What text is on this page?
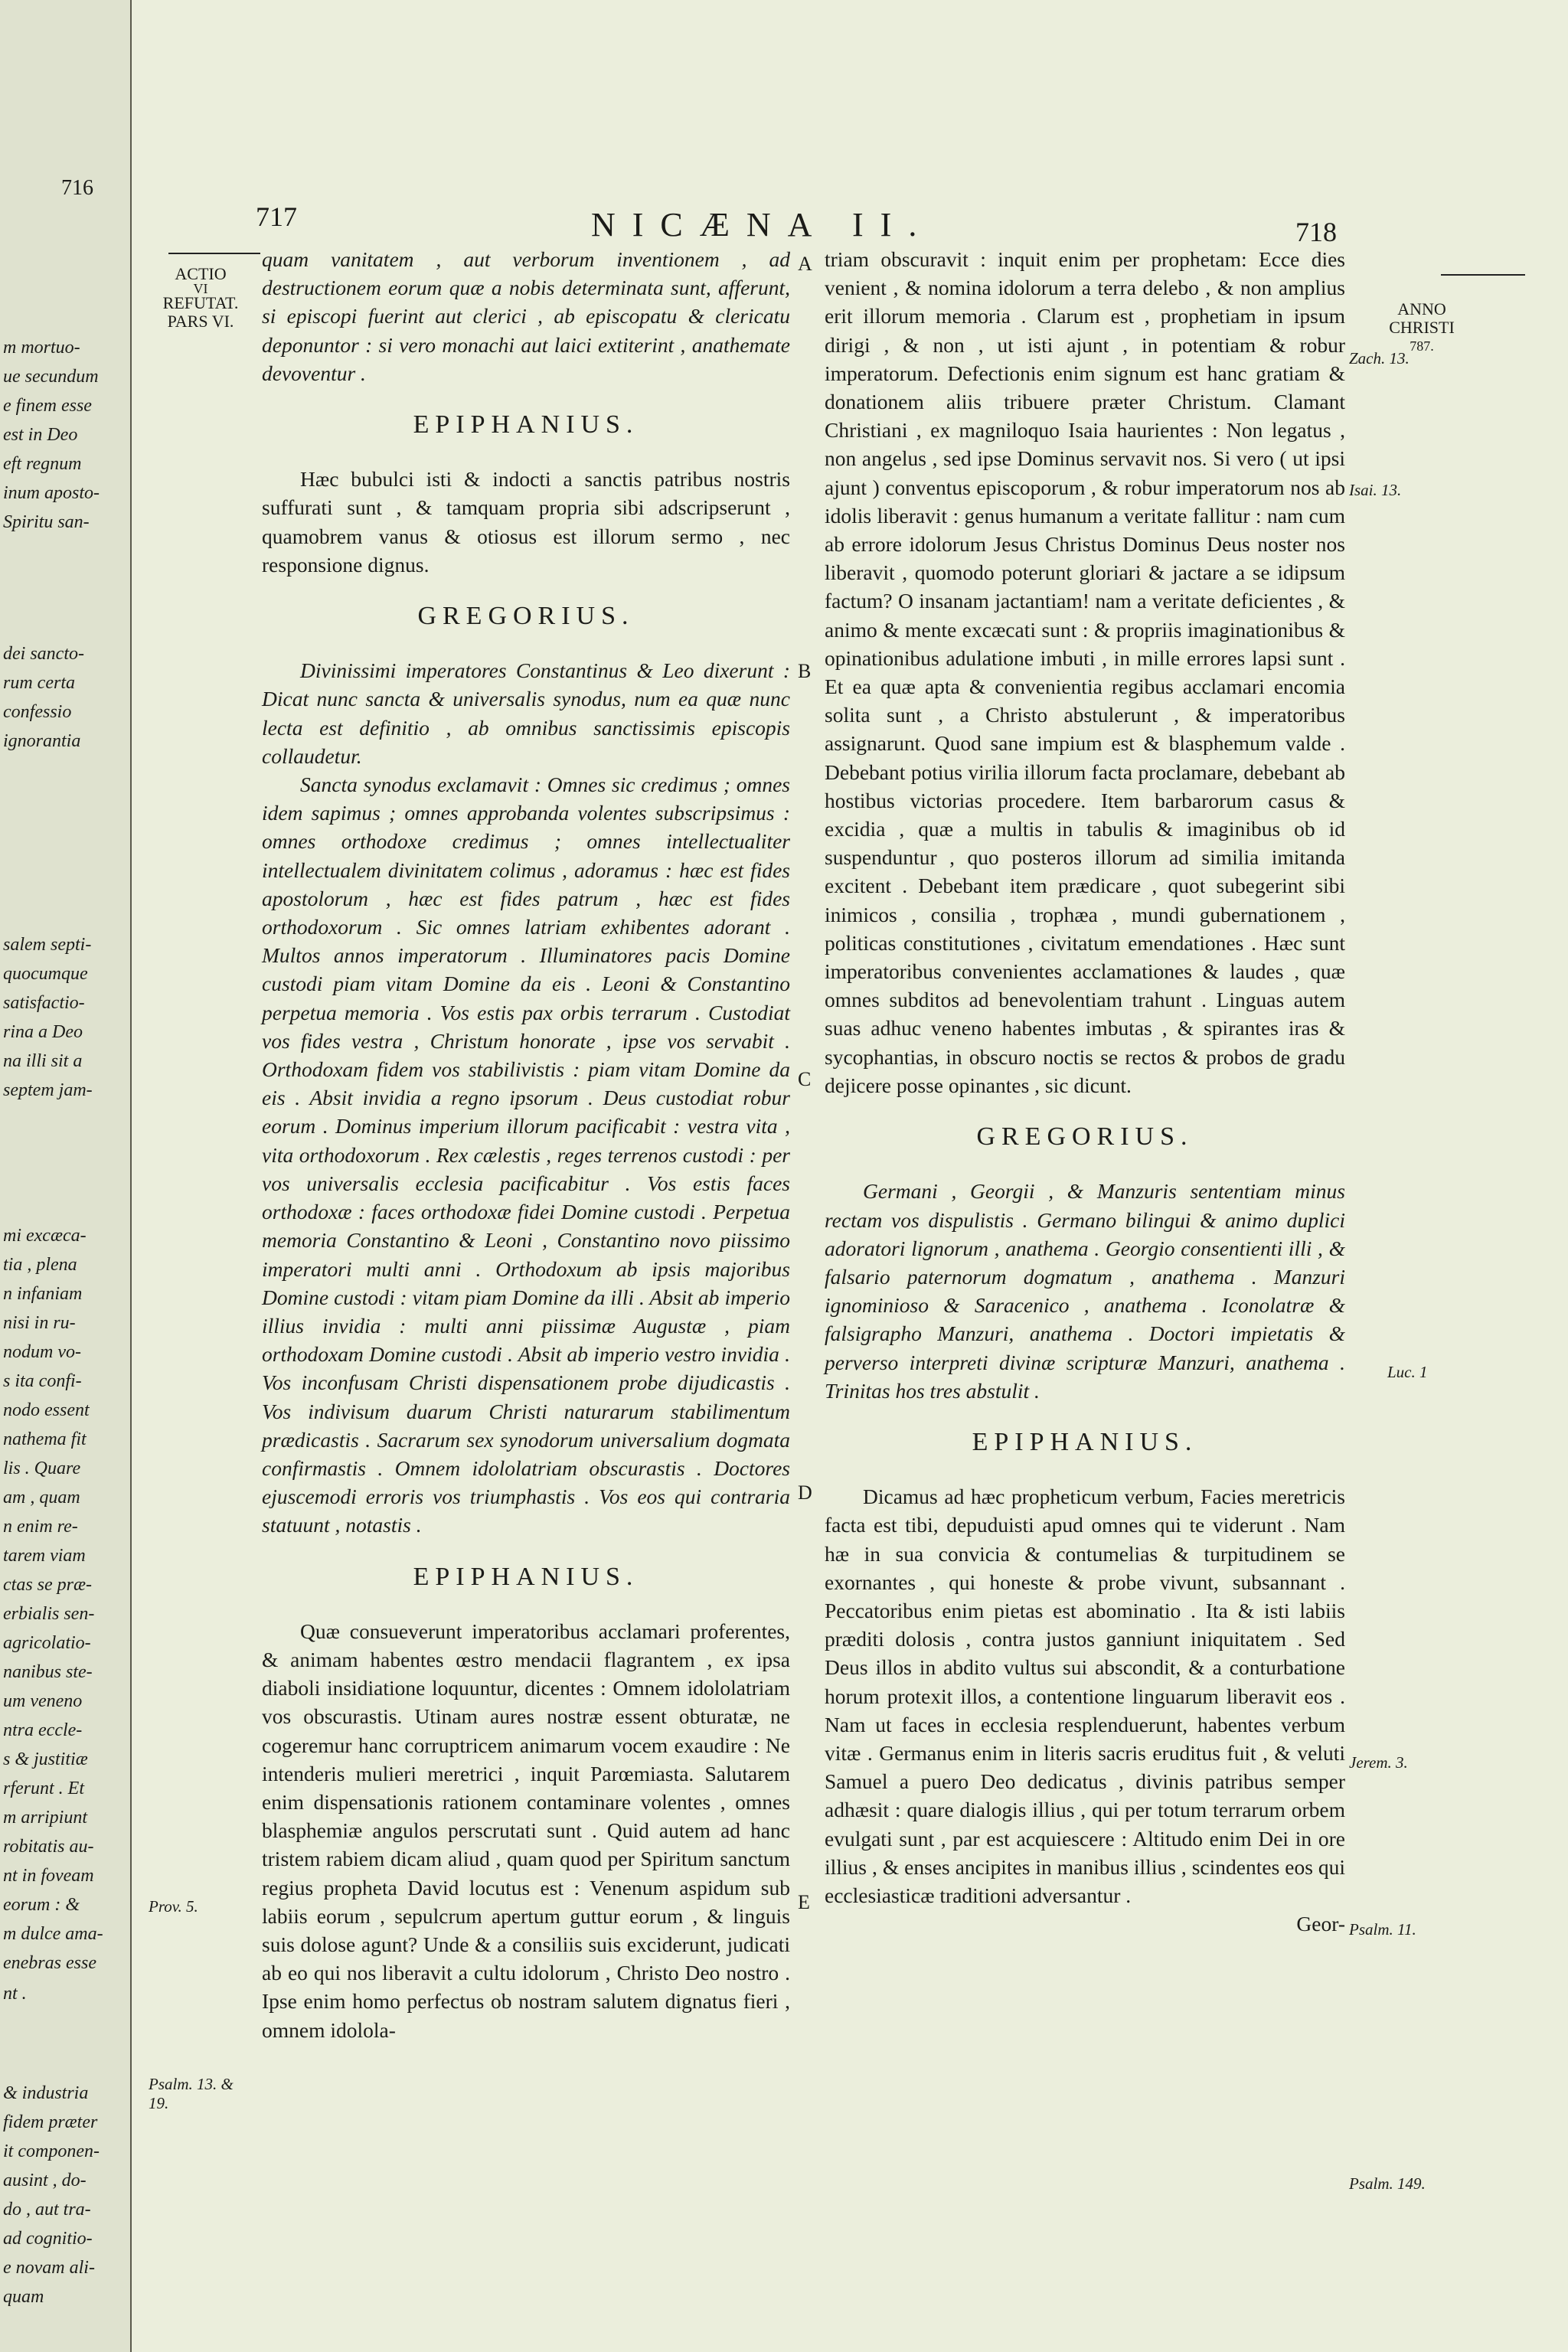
716
m mortuo-
ue secundum
e finem esse
est in Deo
eft regnum
inum aposto-
Spiritu san-
dei sancto-
rum certa
confessio
ignorantia
salem septi-
quocumque
satisfactio-
rina a Deo
na illi sit a
septem jam-
mi excæca-
tia , plena
n infaniam
nisi in ru-
nodum vo-
s ita confi-
nodo essent
nathema fit
lis . Quare
am , quam
n enim re-
tarem viam
ctas se præ-
erbialis sen-
agricolatio-
nanibus ste-
um veneno
ntra eccle-
s & justitiæ
rferunt . Et
m arripiunt
robitatis au-
nt in foveam
eorum : &
m dulce ama-
enebras esse
nt .
& industria
fidem præter
it componen-
ausint , do-
do , aut tra-
ad cognitio-
e novam ali-
quam
717	NICÆNA II.	718
ACTIO
VI
REFUTAT.
PARS VI.
Prov. 5.
Psalm. 13. & 19.
ANNO
CHRISTI
787.
Zach. 13.
Isai. 13.
Luc. 1
Jerem. 3.
Psalm. 11.
Psalm. 149.
A
B
C
D
E

quam vanitatem , aut verborum inventionem , ad destructionem eorum quæ a nobis determinata sunt, afferunt, si episcopi fuerint aut clerici , ab episcopatu & clericatu deponuntor : si vero monachi aut laici extiterint , anathemate devoventur .

EPIPHANIUS.

Hæc bubulci isti & indocti a sanctis patribus nostris suffurati sunt , & tamquam propria sibi adscripserunt , quamobrem vanus & otiosus est illorum sermo , nec responsione dignus.

GREGORIUS.

Divinissimi imperatores Constantinus & Leo dixerunt : Dicat nunc sancta & universalis synodus, num ea quæ nunc lecta est definitio , ab omnibus sanctissimis episcopis collaudetur.

Sancta synodus exclamavit : Omnes sic credimus ; omnes idem sapimus ; omnes approbanda volentes subscripsimus : omnes orthodoxe credimus ; omnes intellectualiter intellectualem divinitatem colimus , adoramus : hæc est fides apostolorum , hæc est fides patrum , hæc est fides orthodoxorum . Sic omnes latriam exhibentes adorant . Multos annos imperatorum . Illuminatores pacis Domine custodi piam vitam Domine da eis . Leoni & Constantino perpetua memoria . Vos estis pax orbis terrarum . Custodiat vos fides vestra , Christum honorate , ipse vos servabit . Orthodoxam fidem vos stabilivistis : piam vitam Domine da eis . Absit invidia a regno ipsorum . Deus custodiat robur eorum . Dominus imperium illorum pacificabit : vestra vita , vita orthodoxorum . Rex cælestis , reges terrenos custodi : per vos universalis ecclesia pacificabitur . Vos estis faces orthodoxæ : faces orthodoxæ fidei Domine custodi . Perpetua memoria Constantino & Leoni , Constantino novo piissimo imperatori multi anni . Orthodoxum ab ipsis majoribus Domine custodi : vitam piam Domine da illi . Absit ab imperio illius invidia : multi anni piissimæ Augustæ , piam orthodoxam Domine custodi . Absit ab imperio vestro invidia . Vos inconfusam Christi dispensationem probe dijudicastis . Vos indivisum duarum Christi naturarum stabilimentum prædicastis . Sacrarum sex synodorum universalium dogmata confirmastis . Omnem idololatriam obscurastis . Doctores ejuscemodi erroris vos triumphastis . Vos eos qui contraria statuunt , notastis .

EPIPHANIUS.

Quæ consueverunt imperatoribus acclamari proferentes, & animam habentes œstro mendacii flagrantem , ex ipsa diaboli insidiatione loquuntur, dicentes : Omnem idololatriam vos obscurastis. Utinam aures nostræ essent obturatæ, ne cogeremur hanc corruptricem animarum vocem exaudire : Ne intenderis mulieri meretrici , inquit Parœmiasta. Salutarem enim dispensationis rationem contaminare volentes , omnes blasphemiæ angulos perscrutati sunt . Quid autem ad hanc tristem rabiem dicam aliud , quam quod per Spiritum sanctum regius propheta David locutus est : Venenum aspidum sub labiis eorum , sepulcrum apertum guttur eorum , & linguis suis dolose agunt? Unde & a consiliis suis exciderunt, judicati ab eo qui nos liberavit a cultu idolorum , Christo Deo nostro . Ipse enim homo perfectus ob nostram salutem dignatus fieri , omnem idolola-

triam obscuravit : inquit enim per prophetam: Ecce dies venient , & nomina idolorum a terra delebo , & non amplius erit illorum memoria . Clarum est , prophetiam in ipsum dirigi , & non , ut isti ajunt , in potentiam & robur imperatorum. Defectionis enim signum est hanc gratiam & donationem aliis tribuere præter Christum. Clamant Christiani , ex magniloquo Isaia haurientes : Non legatus , non angelus , sed ipse Dominus servavit nos. Si vero ( ut ipsi ajunt ) conventus episcoporum , & robur imperatorum nos ab idolis liberavit : genus humanum a veritate fallitur : nam cum ab errore idolorum Jesus Christus Dominus Deus noster nos liberavit , quomodo poterunt gloriari & jactare a se idipsum factum? O insanam jactantiam! nam a veritate deficientes , & animo & mente excæcati sunt : & propriis imaginationibus & opinationibus adulatione imbuti , in mille errores lapsi sunt . Et ea quæ apta & convenientia regibus acclamari encomia solita sunt , a Christo abstulerunt , & imperatoribus assignarunt. Quod sane impium est & blasphemum valde . Debebant potius virilia illorum facta proclamare, debebant ab hostibus victorias procedere. Item barbarorum casus & excidia , quæ a multis in tabulis & imaginibus ob id suspenduntur , quo posteros illorum ad similia imitanda excitent . Debebant item prædicare , quot subegerint sibi inimicos , consilia , trophæa , mundi gubernationem , politicas constitutiones , civitatum emendationes . Hæc sunt imperatoribus convenientes acclamationes & laudes , quæ omnes subditos ad benevolentiam trahunt . Linguas autem suas adhuc veneno habentes imbutas , & spirantes iras & sycophantias, in obscuro noctis se rectos & probos de gradu dejicere posse opinantes , sic dicunt.

GREGORIUS.

Germani , Georgii , & Manzuris sententiam minus rectam vos dispulistis . Germano bilingui & animo duplici adoratori lignorum , anathema . Georgio consentienti illi , & falsario paternorum dogmatum , anathema . Manzuri ignominioso & Saracenico , anathema . Iconolatræ & falsigrapho Manzuri, anathema . Doctori impietatis & perverso interpreti divinæ scripturæ Manzuri, anathema . Trinitas hos tres abstulit .

EPIPHANIUS.

Dicamus ad hæc propheticum verbum, Facies meretricis facta est tibi, depuduisti apud omnes qui te viderunt . Nam hæ in sua convicia & contumelias & turpitudinem se exornantes , qui honeste & probe vivunt, subsannant . Peccatoribus enim pietas est abominatio . Ita & isti labiis præditi dolosis , contra justos ganniunt iniquitatem . Sed Deus illos in abdito vultus sui abscondit, & a conturbatione horum protexit illos, a contentione linguarum liberavit eos . Nam ut faces in ecclesia resplenduerunt, habentes verbum vitæ . Germanus enim in literis sacris eruditus fuit , & veluti Samuel a puero Deo dedicatus , divinis patribus semper adhæsit : quare dialogis illius , qui per totum terrarum orbem evulgati sunt , par est acquiescere : Altitudo enim Dei in ore illius , & enses ancipites in manibus illius , scindentes eos qui ecclesiasticæ traditioni adversantur .

Geor-
